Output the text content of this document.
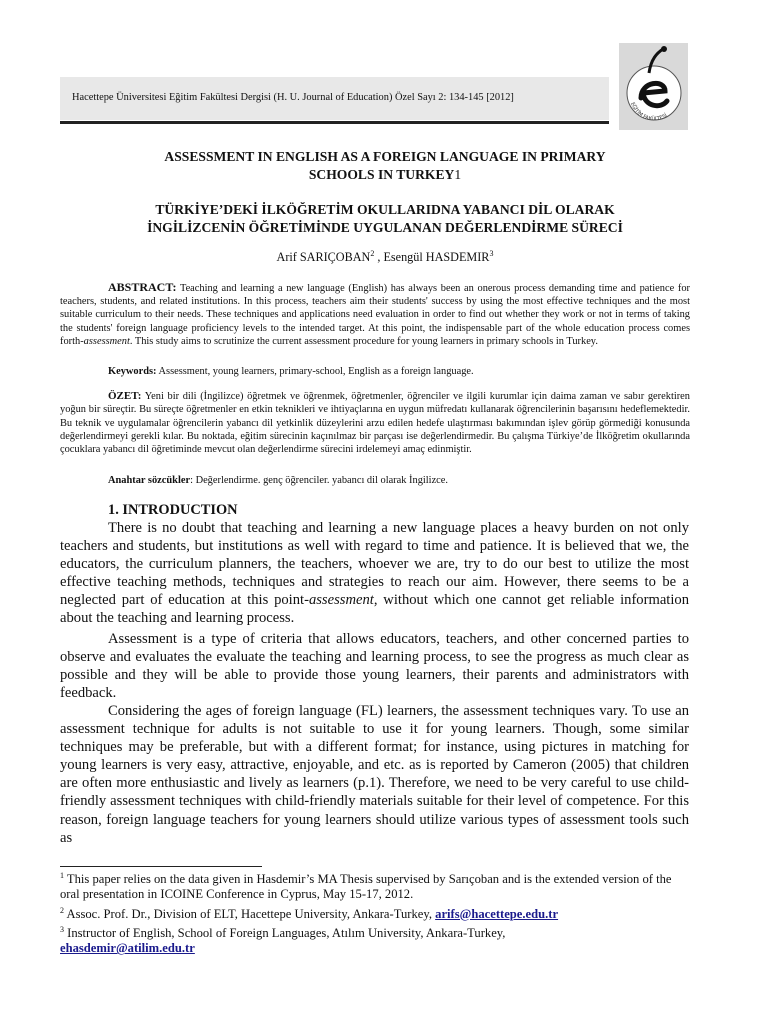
Hacettepe Üniversitesi Eğitim Fakültesi Dergisi (H. U. Journal of Education) Özel Sayı 2: 134-145 [2012]
EĞİTİM FAKÜLTESİ
ASSESSMENT IN ENGLISH AS A FOREIGN LANGUAGE IN PRIMARY
SCHOOLS IN TURKEY1
TÜRKİYE’DEKİ İLKÖĞRETİM OKULLARIDNA YABANCI DİL OLARAK
İNGİLİZCENİN ÖĞRETİMİNDE UYGULANAN DEĞERLENDİRME SÜRECİ
Arif SARIÇOBAN$^2$ , Esengül HASDEMIR$^3$
ABSTRACT: Teaching and learning a new language (English) has always been an onerous process demanding time and patience for teachers, students, and related institutions. In this process, teachers aim their students' success by using the most effective techniques and the most suitable curriculum to their needs. These techniques and applications need evaluation in order to find out whether they work or not in terms of taking the students' foreign language proficiency levels to the intended target. At this point, the indispensable part of the whole education process comes forth-assessment. This study aims to scrutinize the current assessment procedure for young learners in primary schools in Turkey.
Keywords: Assessment, young learners, primary-school, English as a foreign language.
ÖZET: Yeni bir dili (İngilizce) öğretmek ve öğrenmek, öğretmenler, öğrenciler ve ilgili kurumlar için daima zaman ve sabır gerektiren yoğun bir süreçtir. Bu süreçte öğretmenler en etkin teknikleri ve ihtiyaçlarına en uygun müfredatı kullanarak öğrencilerinin başarısını hedeflemektedir. Bu teknik ve uygulamalar öğrencilerin yabancı dil yetkinlik düzeylerini arzu edilen hedefe ulaştırması bakımından işlev görüp görmediği konusunda değerlendirmeyi gerekli kılar. Bu noktada, eğitim sürecinin kaçınılmaz bir parçası ise değerlendirmedir. Bu çalışma Türkiye’de İlköğretim okullarında çocuklara yabancı dil öğretiminde mevcut olan değerlendirme sürecini irdelemeyi amaç edinmiştir.
Anahtar sözcükler: Değerlendirme. genç öğrenciler. yabancı dil olarak İngilizce.
1. INTRODUCTION

There is no doubt that teaching and learning a new language places a heavy burden on not only teachers and students, but institutions as well with regard to time and patience. It is believed that we, the educators, the curriculum planners, the teachers, whoever we are, try to do our best to utilize the most effective teaching methods, techniques and strategies to reach our aim. However, there seems to be a neglected part of education at this point-assessment, without which one cannot get reliable information about the teaching and learning process.

Assessment is a type of criteria that allows educators, teachers, and other concerned parties to observe and evaluates the evaluate the teaching and learning process, to see the progress as much clear as possible and they will be able to provide those young learners, their parents and administrators with feedback.

Considering the ages of foreign language (FL) learners, the assessment techniques vary. To use an assessment technique for adults is not suitable to use it for young learners. Though, some similar techniques may be preferable, but with a different format; for instance, using pictures in matching for young learners is very easy, attractive, enjoyable, and etc. as is reported by Cameron (2005) that children are often more enthusiastic and lively as learners (p.1). Therefore, we need to be very careful to use child-friendly assessment techniques with child-friendly materials suitable for their level of competence. For this reason, foreign language teachers for young learners should utilize various types of assessment tools such as

$^1$ This paper relies on the data given in Hasdemir’s MA Thesis supervised by Sarıçoban and is the extended version of the oral presentation in ICOINE Conference in Cyprus, May 15-17, 2012.

$^2$ Assoc. Prof. Dr., Division of ELT, Hacettepe University, Ankara-Turkey, arifs@hacettepe.edu.tr

$^3$ Instructor of English, School of Foreign Languages, Atılım University, Ankara-Turkey,

ehasdemir@atilim.edu.tr
